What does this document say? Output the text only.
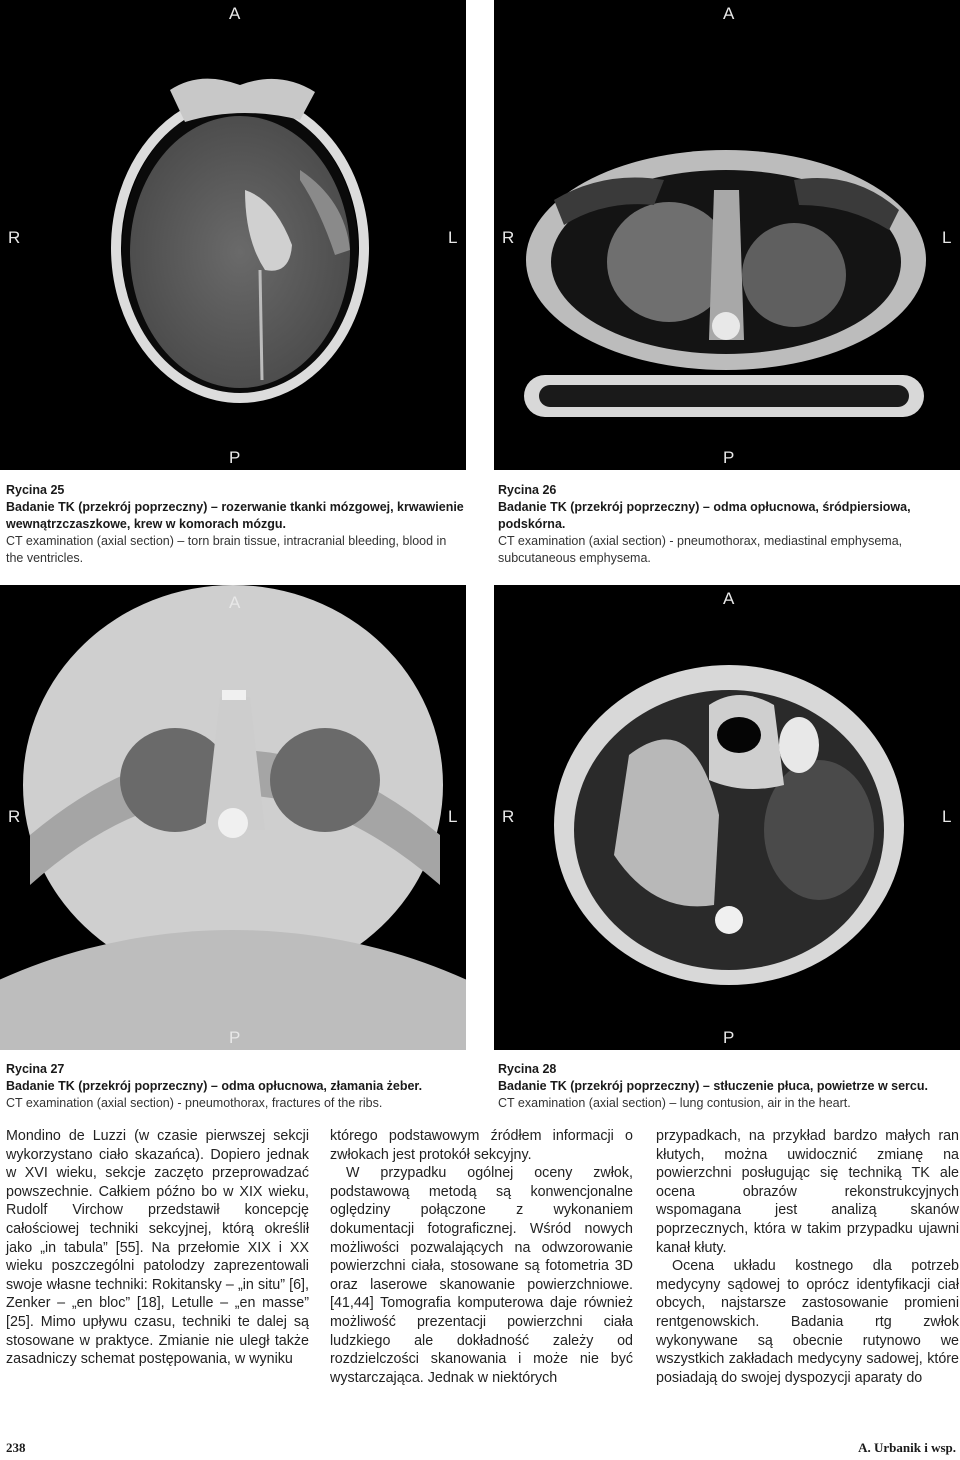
A
R	L
P
A
R	L
P
Rycina 25
Badanie TK (przekrój poprzeczny) – rozerwanie tkanki mózgowej, krwawienie wewnątrzczaszkowe, krew w komorach mózgu.
CT examination (axial section) – torn brain tissue, intracranial bleeding, blood in the ventricles.
Rycina 26
Badanie TK (przekrój poprzeczny) – odma opłucnowa, śródpiersiowa, podskórna.
CT examination (axial section) - pneumothorax, mediastinal emphysema, subcutaneous emphysema.
A
R	L
P
A
R	L
P
Rycina 27
Badanie TK (przekrój poprzeczny) – odma opłucnowa, złamania żeber.
CT examination (axial section) - pneumothorax, fractures of the ribs.
Rycina 28
Badanie TK (przekrój poprzeczny) – stłuczenie płuca, powietrze w sercu.
CT examination (axial section) – lung contusion, air in the heart.

Mondino de Luzzi (w czasie pierwszej sekcji wykorzystano ciało skazańca). Dopiero jednak w XVI wieku, sekcje zaczęto przeprowadzać powszechnie. Całkiem późno bo w XIX wieku, Rudolf Virchow przedstawił koncepcję całościowej techniki sekcyjnej, którą określił jako „in tabula” [55]. Na przełomie XIX i XX wieku poszczególni patolodzy zaprezentowali swoje własne techniki: Rokitansky – „in situ” [6], Zenker – „en bloc” [18], Letulle – „en masse” [25]. Mimo upływu czasu, techniki te dalej są stosowane w praktyce. Zmianie nie uległ także zasadniczy schemat postępowania, w wyniku

którego podstawowym źródłem informacji o zwłokach jest protokół sekcyjny.

W przypadku ogólnej oceny zwłok, podstawową metodą są konwencjonalne oględziny połączone z wykonaniem dokumentacji fotograficznej. Wśród nowych możliwości pozwalających na odwzorowanie powierzchni ciała, stosowane są fotometria 3D oraz laserowe skanowanie powierzchniowe. [41,44] Tomografia komputerowa daje również możliwość prezentacji powierzchni ciała ludzkiego ale dokładność zależy od rozdzielczości skanowania i może nie być wystarczająca. Jednak w niektórych

przypadkach, na przykład bardzo małych ran kłutych, można uwidocznić zmianę na powierzchni posługując się techniką TK ale ocena obrazów rekonstrukcyjnych wspomagana jest analizą skanów poprzecznych, która w takim przypadku ujawni kanał kłuty.

Ocena układu kostnego dla potrzeb medycyny sądowej to oprócz identyfikacji ciał obcych, najstarsze zastosowanie promieni rentgenowskich. Badania rtg zwłok wykonywane są obecnie rutynowo we wszystkich zakładach medycyny sadowej, które posiadają do swojej dyspozycji aparaty do

238	A. Urbanik i wsp.
